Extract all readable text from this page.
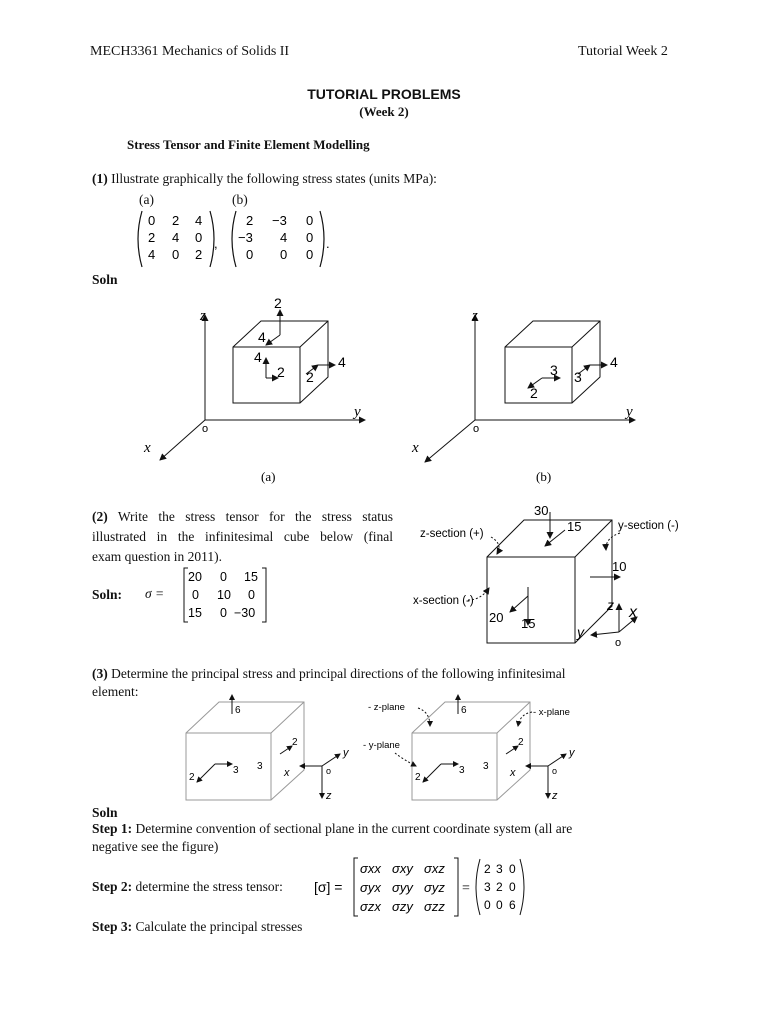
MECH3361 Mechanics of Solids II	Tutorial Week 2
TUTORIAL PROBLEMS
(Week 2)
Stress Tensor and Finite Element Modelling
(1) Illustrate graphically the following stress states (units MPa):
(a)	(b)
0 2 4
2 4 0
4 0 2
,
2 −3 0
−3 4 0
0 0 0
.
Soln
z
y
x
o
2
4
4
2 2
4
(a)
z
y
x
o
4
3 3
2
(b)
(2) Write the stress tensor for the stress status
illustrated in the infinitesimal cube below (final
exam question in 2011).
Soln: σ =
20 0 15
0 10 0
15 0 −30
30
15
10
20 15
z-section (+)
y-section (-)
x-section (-)	z x
y
o
(3) Determine the principal stress and principal directions of the following infinitesimal
element:
6
2
3
2
3
y
x
z
o
6
2
3
2
3
y
x
z
o
- z-plane	- x-plane
- y-plane
Soln
Step 1: Determine convention of sectional plane in the current coordinate system (all are
negative see the figure)
Step 2: determine the stress tensor: [σ] =
σxx σxy σxz
σyx σyy σyz
σzx σzy σzz
=
2 3 0
3 2 0
0 0 6
Step 3: Calculate the principal stresses
